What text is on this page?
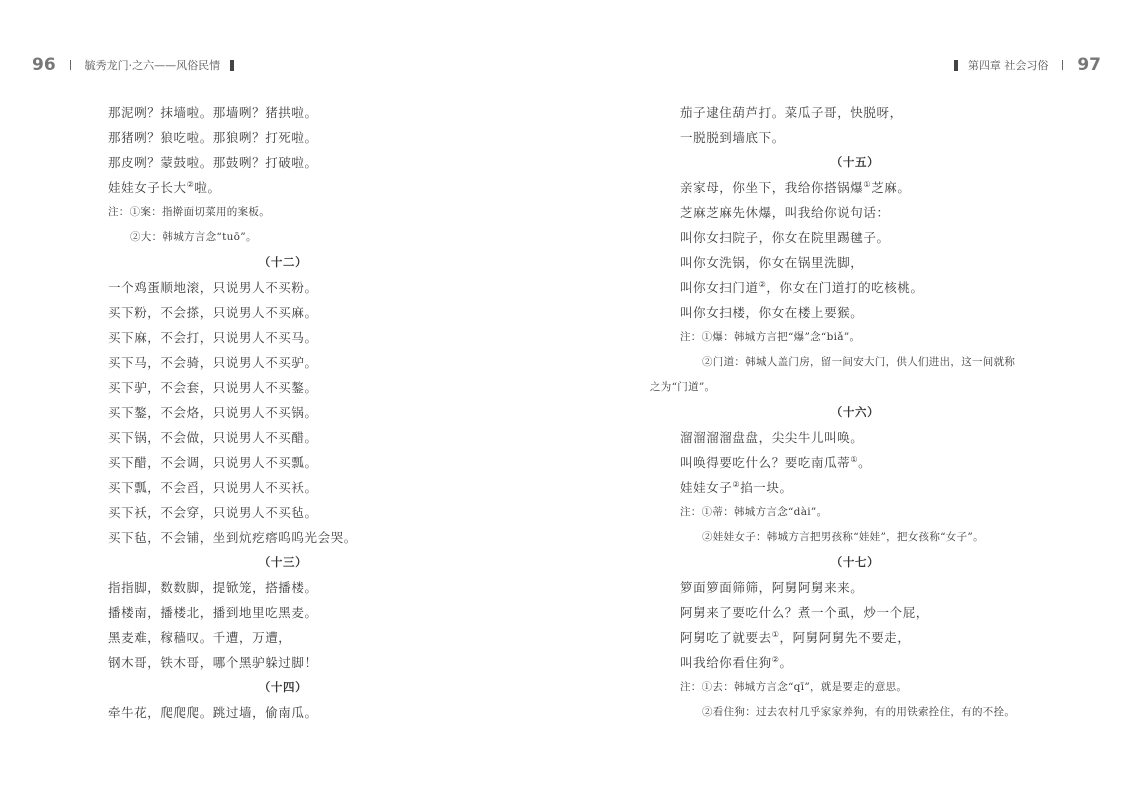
96	毓秀龙门·之六——风俗民情	第四章 社会习俗 97
那泥咧？抹墙啦。那墙咧？猪拱啦。
那猪咧？狼吃啦。那狼咧？打死啦。
那皮咧？蒙鼓啦。那鼓咧？打破啦。
娃娃女子长大②啦。
注：①案：指擀面切菜用的案板。
②大：韩城方言念“tuō”。
（十二）
一个鸡蛋顺地滚，只说男人不买粉。
买下粉，不会搽，只说男人不买麻。
买下麻，不会打，只说男人不买马。
买下马，不会骑，只说男人不买驴。
买下驴，不会套，只说男人不买鏊。
买下鏊，不会烙，只说男人不买锅。
买下锅，不会做，只说男人不买醋。
买下醋，不会调，只说男人不买瓢。
买下瓢，不会舀，只说男人不买袄。
买下袄，不会穿，只说男人不买毡。
买下毡，不会铺，坐到炕疙瘩呜呜光会哭。
（十三）
指指脚，数数脚，提锨笼，搭播楼。
播楼南，播楼北，播到地里吃黑麦。
黑麦难，稼穑叹。千遭，万遭，
钢木哥，铁木哥，哪个黑驴躲过脚！
（十四）
牵牛花，爬爬爬。跳过墙，偷南瓜。
茄子逮住葫芦打。菜瓜子哥，快脱呀，
一脱脱到墙底下。
（十五）
亲家母，你坐下，我给你搭锅爆①芝麻。
芝麻芝麻先休爆，叫我给你说句话：
叫你女扫院子，你女在院里踢毽子。
叫你女洗锅，你女在锅里洗脚，
叫你女扫门道②，你女在门道打的吃核桃。
叫你女扫楼，你女在楼上要猴。
注：①爆：韩城方言把“爆”念“biǎ”。
②门道：韩城人盖门房，留一间安大门，供人们进出，这一间就称
之为“门道”。
（十六）
溜溜溜溜盘盘，尖尖牛儿叫唤。
叫唤得要吃什么？要吃南瓜蒂①。
娃娃女子②掐一块。
注：①蒂：韩城方言念“dài”。
②娃娃女子：韩城方言把男孩称“娃娃”，把女孩称“女子”。
（十七）
箩面箩面筛筛，阿舅阿舅来来。
阿舅来了要吃什么？煮一个虱，炒一个屁，
阿舅吃了就要去①，阿舅阿舅先不要走，
叫我给你看住狗②。
注：①去：韩城方言念“qī”，就是要走的意思。
②看住狗：过去农村几乎家家养狗，有的用铁索拴住，有的不拴。
